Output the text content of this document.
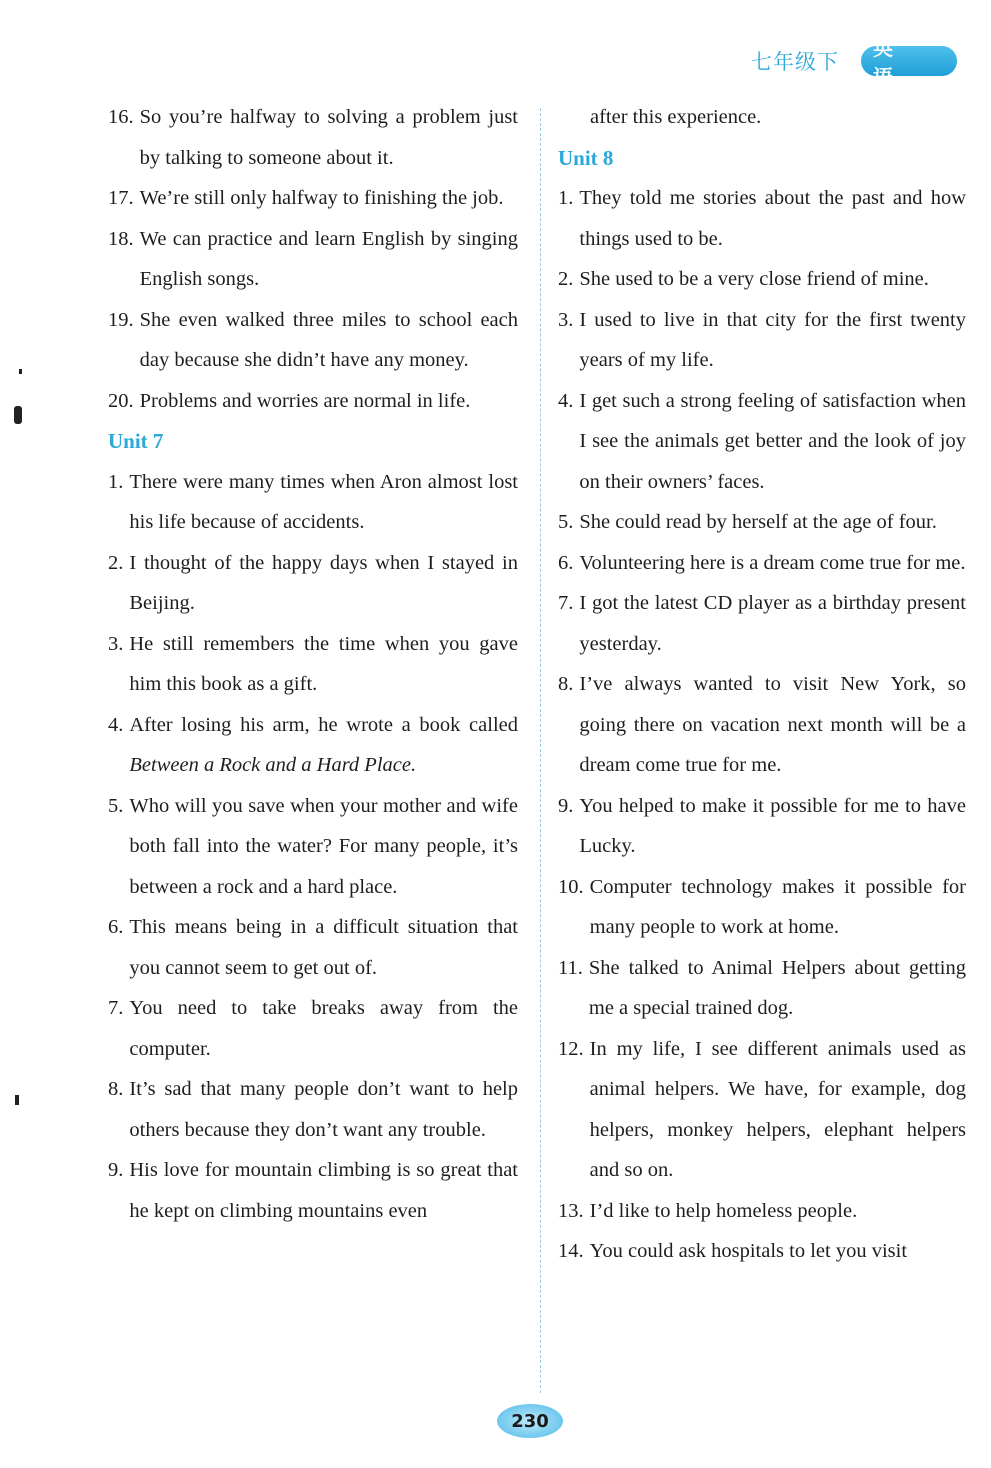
七年级下
英 语
16. So you’re halfway to solving a problem just by talking to someone about it.
17. We’re still only halfway to finishing the job.
18. We can practice and learn English by singing English songs.
19. She even walked three miles to school each day because she didn’t have any money.
20. Problems and worries are normal in life.
Unit 7
1. There were many times when Aron almost lost his life because of accidents.
2. I thought of the happy days when I stayed in Beijing.
3. He still remembers the time when you gave him this book as a gift.
4. After losing his arm, he wrote a book called Between a Rock and a Hard Place.
5. Who will you save when your mother and wife both fall into the water? For many people, it’s between a rock and a hard place.
6. This means being in a difficult situation that you cannot seem to get out of.
7. You need to take breaks away from the computer.
8. It’s sad that many people don’t want to help others because they don’t want any trouble.
9. His love for mountain climbing is so great that he kept on climbing mountains even
after this experience.
Unit 8
1. They told me stories about the past and how things used to be.
2. She used to be a very close friend of mine.
3. I used to live in that city for the first twenty years of my life.
4. I get such a strong feeling of satisfaction when I see the animals get better and the look of joy on their owners’ faces.
5. She could read by herself at the age of four.
6. Volunteering here is a dream come true for me.
7. I got the latest CD player as a birthday present yesterday.
8. I’ve always wanted to visit New York, so going there on vacation next month will be a dream come true for me.
9. You helped to make it possible for me to have Lucky.
10. Computer technology makes it possible for many people to work at home.
11. She talked to Animal Helpers about getting me a special trained dog.
12. In my life, I see different animals used as animal helpers. We have, for example, dog helpers, monkey helpers, elephant helpers and so on.
13. I’d like to help homeless people.
14. You could ask hospitals to let you visit
230
